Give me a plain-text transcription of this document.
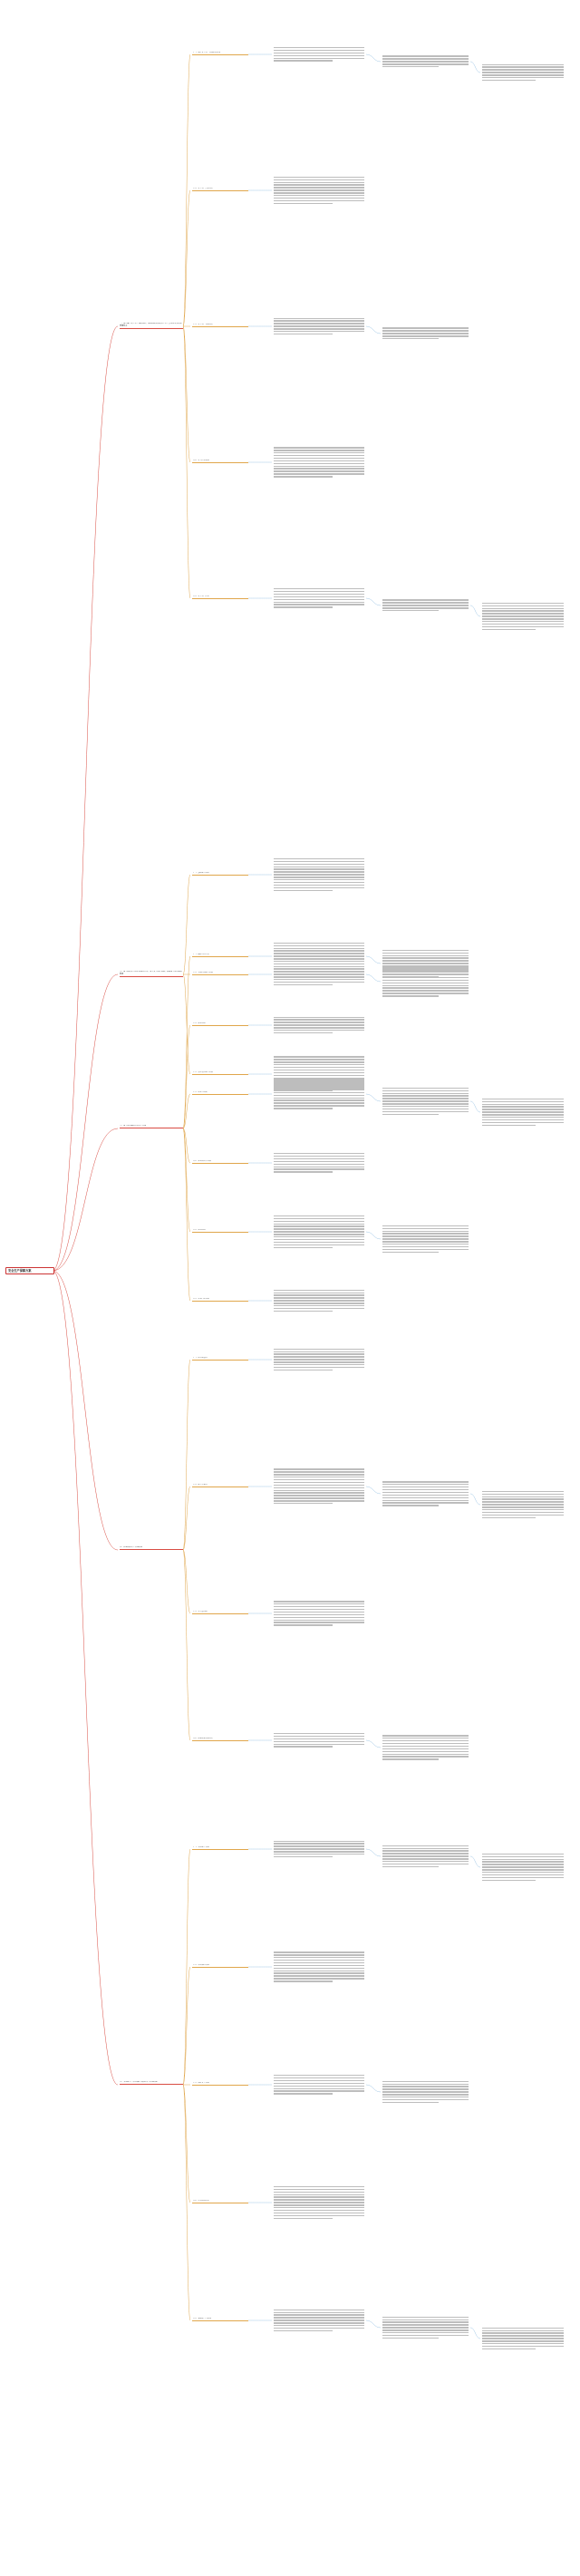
安全生产保障方案
一、建立健全安全生产保障体系，明确各级人员的安全生产责任制度及相关管理要求
（一）项目安全生产管理组织机构
（二）安全生产责任制度
（三）安全生产管理制度
（四）安全技术交底
（五）安全生产检查
二、施工阶段安全防护措施及要求，落实安全防护设施，消除施工现场事故隐患
（一）基础施工阶段
（二）主体结构施工阶段
（三）装饰装修施工阶段
三、施工现场临时用电安全管理
（一）临时用电方案
（二）配电系统
（三）接地与防雷
（四）配电箱及开关箱
（五）现场照明
（六）用电档案管理
四、机械设备安全管理措施
（一）塔式起重机
（二）施工升降机
（三）中小型机械
（四）机械设备管理制度
五、文明施工、环境保护及消防安全管理措施
（一）文明施工管理
（二）环境保护措施
（三）消防安全管理
（四）应急救援预案
（五）事故报告与处理
